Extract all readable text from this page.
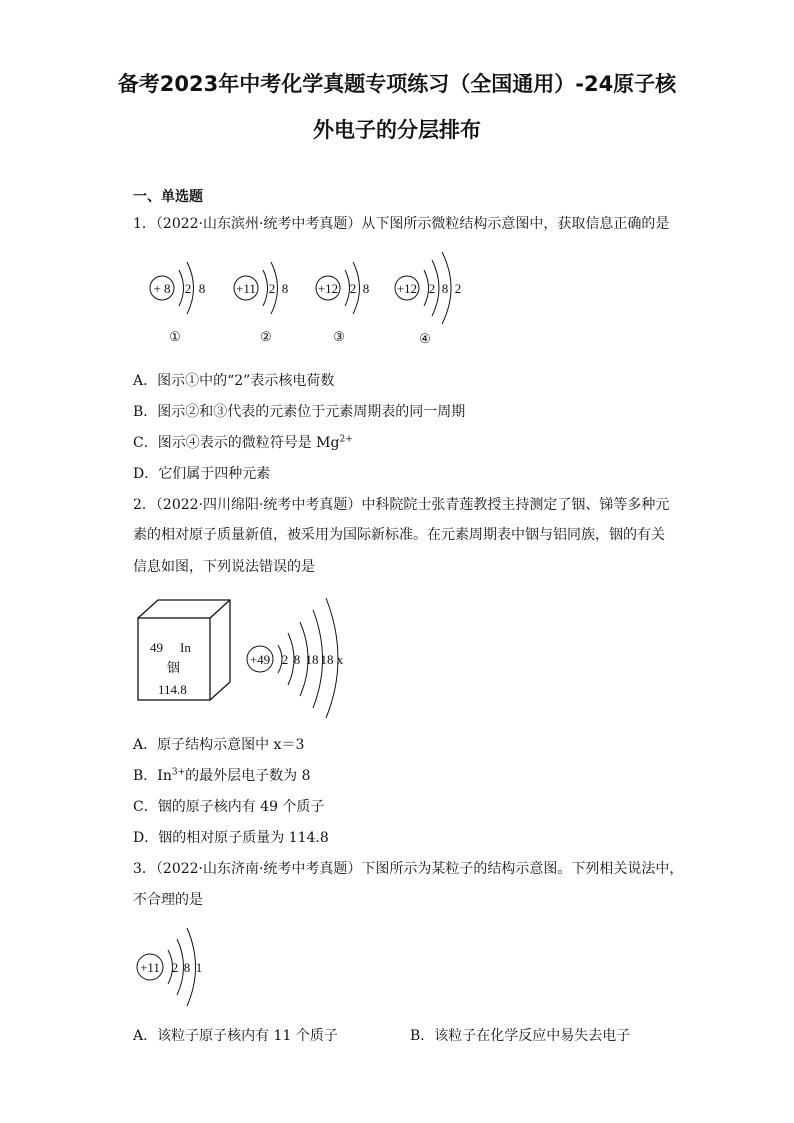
备考2023年中考化学真题专项练习（全国通用）-24原子核
外电子的分层排布
一、单选题
1．（2022·山东滨州·统考中考真题）从下图所示微粒结构示意图中，获取信息正确的是
+ 8 2 8
①
+11 2 8
②
+12 2 8
③
+12 2 8 2
④
A．图示①中的“2”表示核电荷数
B．图示②和③代表的元素位于元素周期表的同一周期
C．图示④表示的微粒符号是 $Mg^{2+}$
D．它们属于四种元素
2．（2022·四川绵阳·统考中考真题）中科院院士张青莲教授主持测定了铟、锑等多种元
素的相对原子质量新值，被采用为国际新标准。在元素周期表中铟与铝同族，铟的有关
信息如图，下列说法错误的是
49 In
铟
114.8
+49 2 8 18 18 x
A．原子结构示意图中 x＝3
B．$In^{3+}$的最外层电子数为 8
C．铟的原子核内有 49 个质子
D．铟的相对原子质量为 114.8
3．（2022·山东济南·统考中考真题）下图所示为某粒子的结构示意图。下列相关说法中，
不合理的是
+11 2 8 1
A．该粒子原子核内有 11 个质子	B．该粒子在化学反应中易失去电子
